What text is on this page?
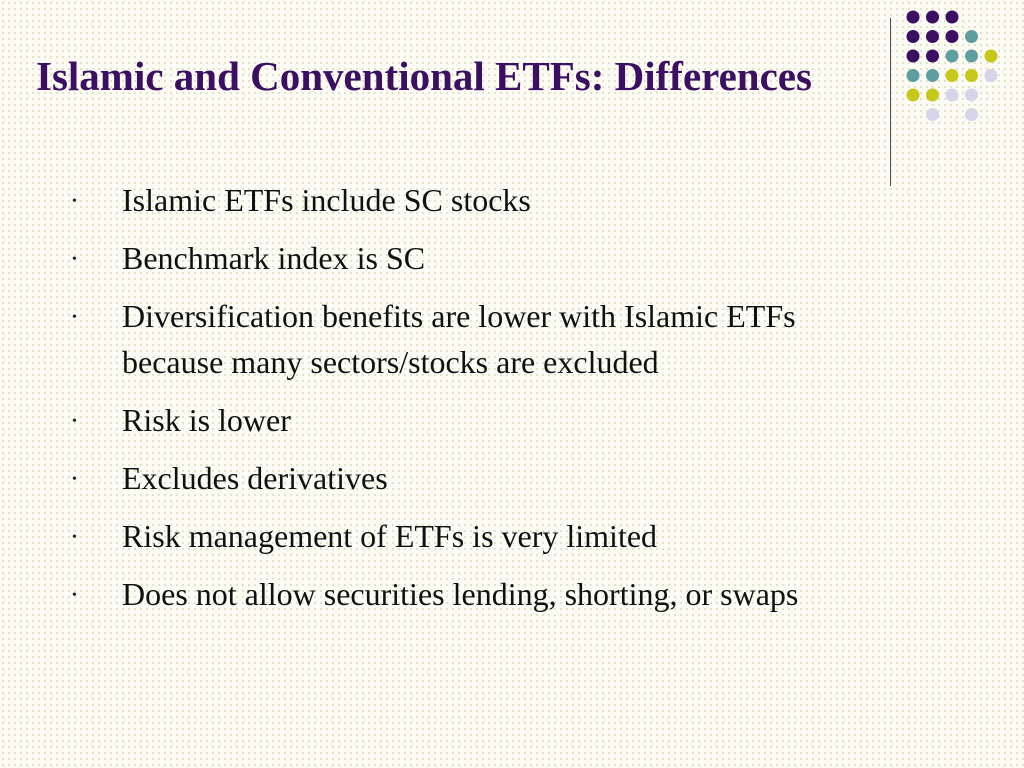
Islamic and Conventional ETFs: Differences
• Islamic ETFs include SC stocks
• Benchmark index is SC
• Diversification benefits are lower with Islamic ETFs because many sectors/stocks are excluded
• Risk is lower
• Excludes derivatives
• Risk management of ETFs is very limited
• Does not allow securities lending, shorting, or swaps
